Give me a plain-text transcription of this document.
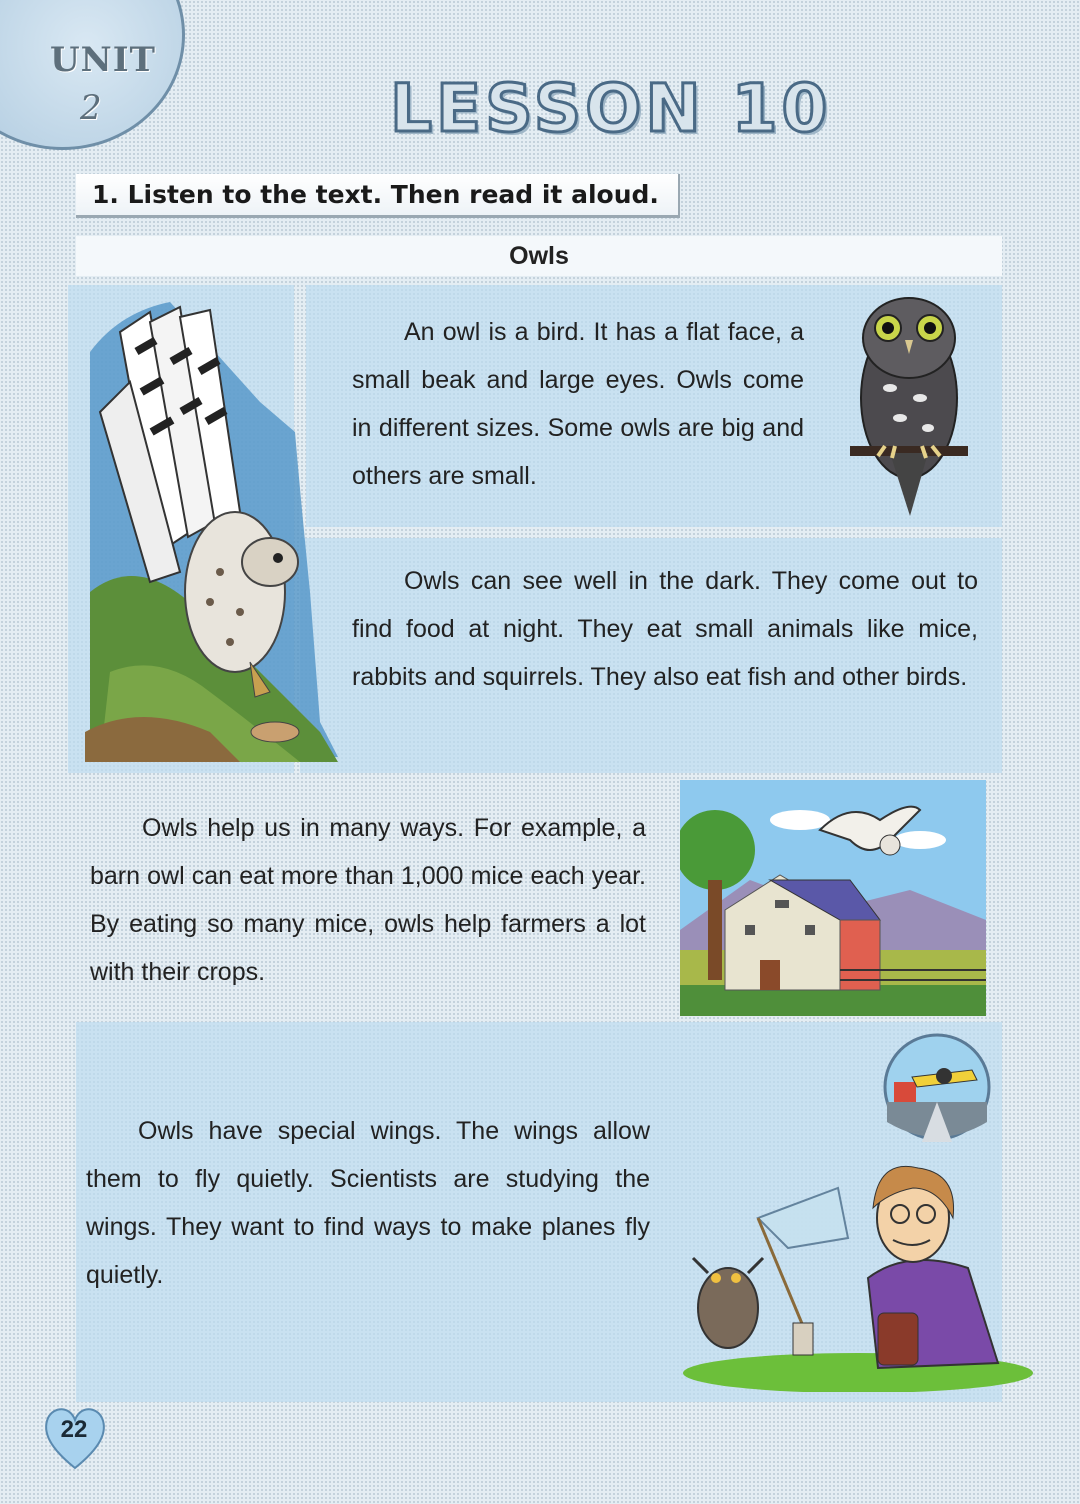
UNIT
2	LESSON 10
1. Listen to the text. Then read it aloud.
Owls

An owl is a bird. It has a flat face, a small beak and large eyes. Owls come in different sizes. Some owls are big and others are small.

Owls can see well in the dark. They come out to find food at night. They eat small animals like mice, rabbits and squirrels. They also eat fish and other birds.

Owls help us in many ways. For example, a barn owl can eat more than 1,000 mice each year. By eating so many mice, owls help farmers a lot with their crops.

Owls have special wings. The wings allow them to fly quietly. Scientists are studying the wings. They want to find ways to make planes fly quietly.

22
